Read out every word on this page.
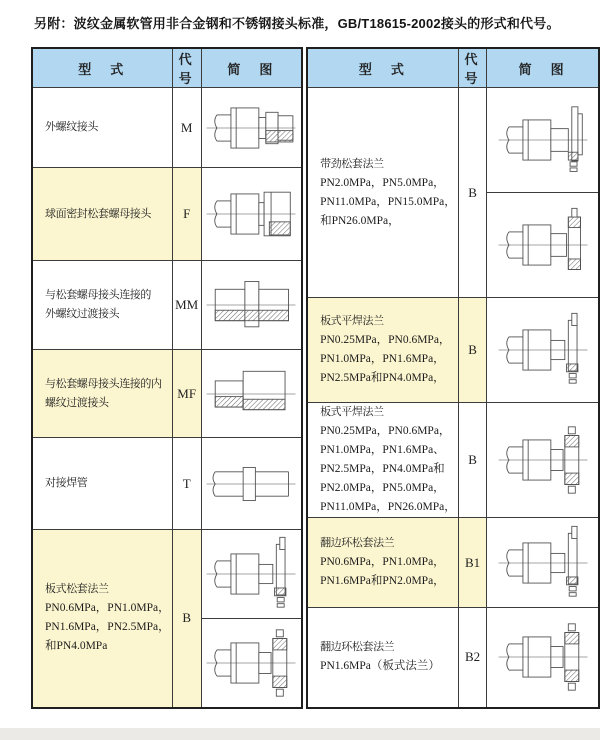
另附：波纹金属软管用非合金钢和不锈钢接头标准，GB/T18615-2002接头的形式和代号。
型　式	代号	简　图

外螺纹接头	M	

球面密封松套螺母接头	F	

与松套螺母接头连接的
外螺纹过渡接头	MM	

与松套螺母接头连接的内
螺纹过渡接头	MF	

对接焊管	T	

板式松套法兰
PN0.6MPa，PN1.0MPa，
PN1.6MPa，PN2.5MPa，
和PN4.0MPa	B	

型　式	代号	简　图

带劲松套法兰
PN2.0MPa，PN5.0MPa，
PN11.0MPa，PN15.0MPa，
和PN26.0MPa，	B	

板式平焊法兰
PN0.25MPa，PN0.6MPa，
PN1.0MPa，PN1.6MPa，
PN2.5MPa和PN4.0MPa，	B	

板式平焊法兰
PN0.25MPa，PN0.6MPa，
PN1.0MPa，PN1.6MPa、
PN2.5MPa，PN4.0MPa和
PN2.0MPa，PN5.0MPa，
PN11.0MPa，PN26.0MPa，
	B	

翻边环松套法兰
PN0.6MPa，PN1.0MPa，
PN1.6MPa和PN2.0MPa，	B1	

翻边环松套法兰
PN1.6MPa（板式法兰）	B2	
